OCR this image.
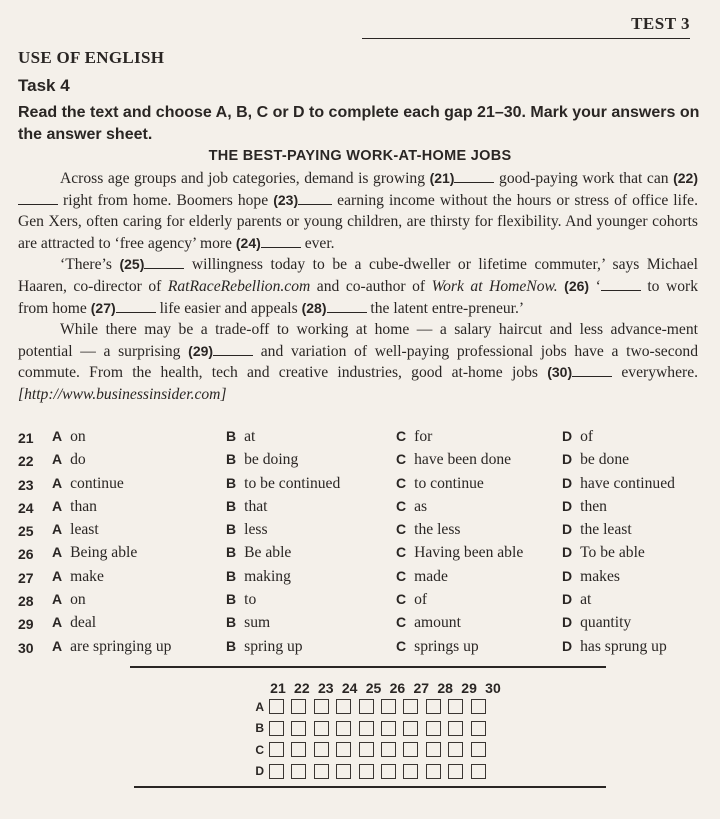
TEST 3
USE OF ENGLISH
Task 4
Read the text and choose A, B, C or D to complete each gap 21–30. Mark your answers on the answer sheet.
THE BEST-PAYING WORK-AT-HOME JOBS

Across age groups and job categories, demand is growing (21)	good-paying work that can (22) right from home. Boomers hope (23)	earning income without the hours or stress of office life. Gen Xers, often caring for elderly parents or young children, are thirsty for flexibility. And younger cohorts are attracted to ‘free agency’ more (24)	ever.

‘There’s (25)	willingness today to be a cube-dweller or lifetime commuter,’ says Michael Haaren, co-director of RatRaceRebellion.com and co-author of Work at HomeNow. (26) ‘	to work from home (27)	life easier and appeals (28)	the latent entre-preneur.’

While there may be a trade-off to working at home — a salary haircut and less advance-ment potential — a surprising (29)	and variation of well-paying professional jobs have a two-second commute. From the health, tech and creative industries, good at-home jobs (30)	everywhere. [http://www.businessinsider.com]

21 A on	B at	C for	D of
22 A do	B be doing	C have been done	D be done
23 A continue	B to be continued	C to continue	D have continued
24 A than	B that	C as	D then
25 A least	B less	C the less	D the least
26 A Being able	B Be able	C Having been able	D To be able
27 A make	B making	C made	D makes
28 A on	B to	C of	D at
29 A deal	B sum	C amount	D quantity
30 A are springing up	B spring up	C springs up	D has sprung up
21 22 23 24 25 26 27 28 29 30
A
B
C
D
